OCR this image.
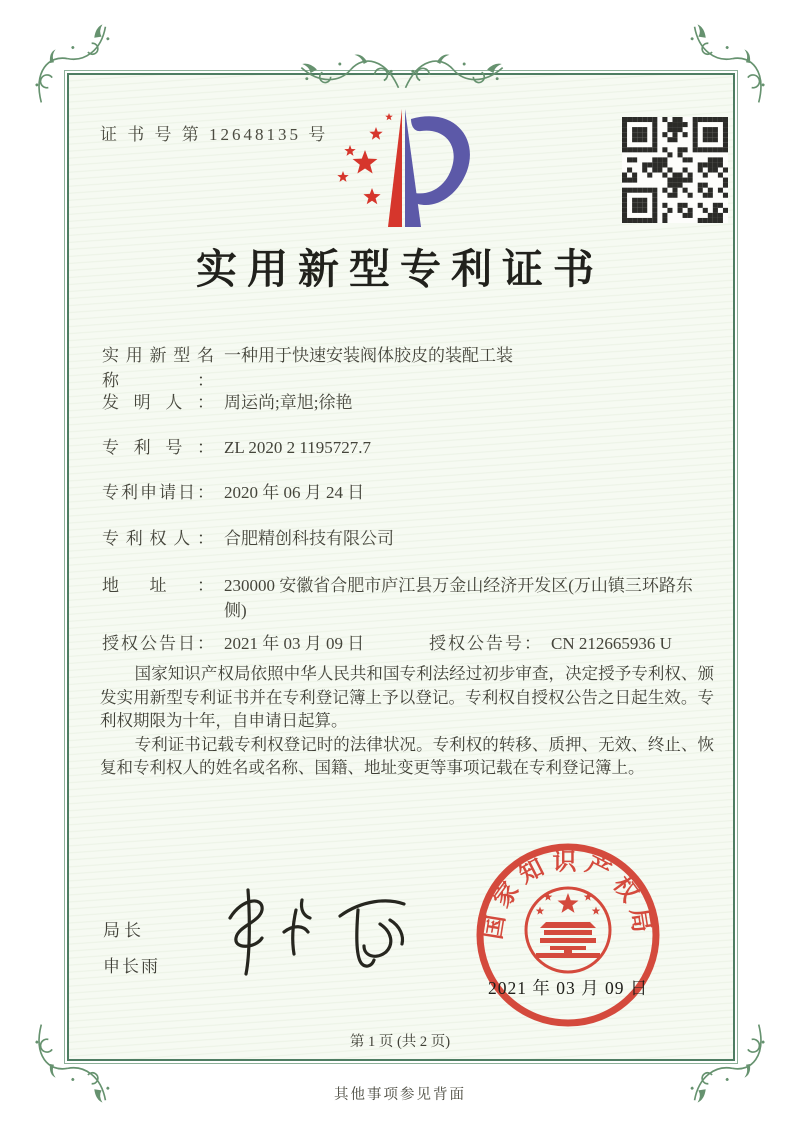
证 书 号 第 12648135 号
实用新型专利证书
实用新型名称：
一种用于快速安装阀体胶皮的装配工装
发明人： 周运尚;章旭;徐艳
专利号： ZL 2020 2 1195727.7
专利申请日： 2020 年 06 月 24 日
专利权人： 合肥精创科技有限公司
地址： 230000 安徽省合肥市庐江县万金山经济开发区(万山镇三环路东侧)
授权公告日： 2021 年 03 月 09 日	授权公告号： CN 212665936 U

国家知识产权局依照中华人民共和国专利法经过初步审查，决定授予专利权、颁发实用新型专利证书并在专利登记簿上予以登记。专利权自授权公告之日起生效。专利权期限为十年，自申请日起算。

专利证书记载专利权登记时的法律状况。专利权的转移、质押、无效、终止、恢复和专利权人的姓名或名称、国籍、地址变更等事项记载在专利登记簿上。

局长
申长雨
国家知识产权局
2021 年 03 月 09 日
第 1 页 (共 2 页)
其他事项参见背面
